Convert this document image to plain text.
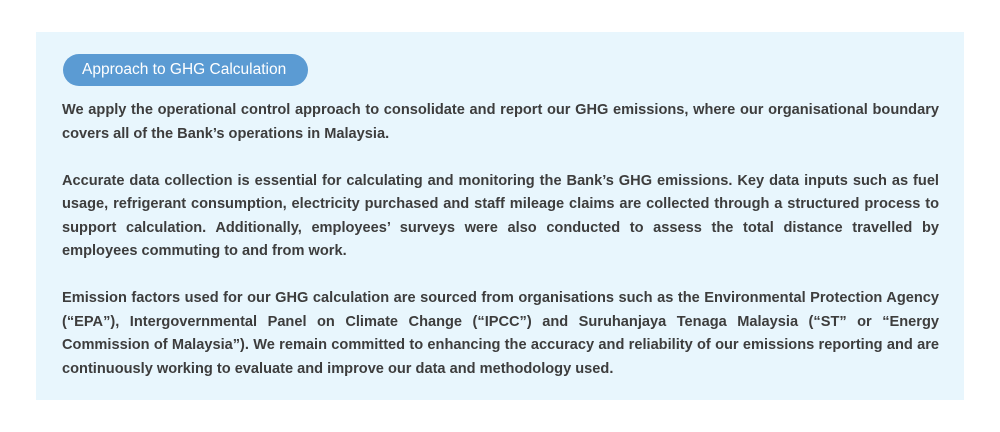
Approach to GHG Calculation

We apply the operational control approach to consolidate and report our GHG emissions, where our organisational boundary covers all of the Bank’s operations in Malaysia.

Accurate data collection is essential for calculating and monitoring the Bank’s GHG emissions. Key data inputs such as fuel usage, refrigerant consumption, electricity purchased and staff mileage claims are collected through a structured process to support calculation. Additionally, employees’ surveys were also conducted to assess the total distance travelled by employees commuting to and from work.

Emission factors used for our GHG calculation are sourced from organisations such as the Environmental Protection Agency (“EPA”), Intergovernmental Panel on Climate Change (“IPCC”) and Suruhanjaya Tenaga Malaysia (“ST” or “Energy Commission of Malaysia”). We remain committed to enhancing the accuracy and reliability of our emissions reporting and are continuously working to evaluate and improve our data and methodology used.
